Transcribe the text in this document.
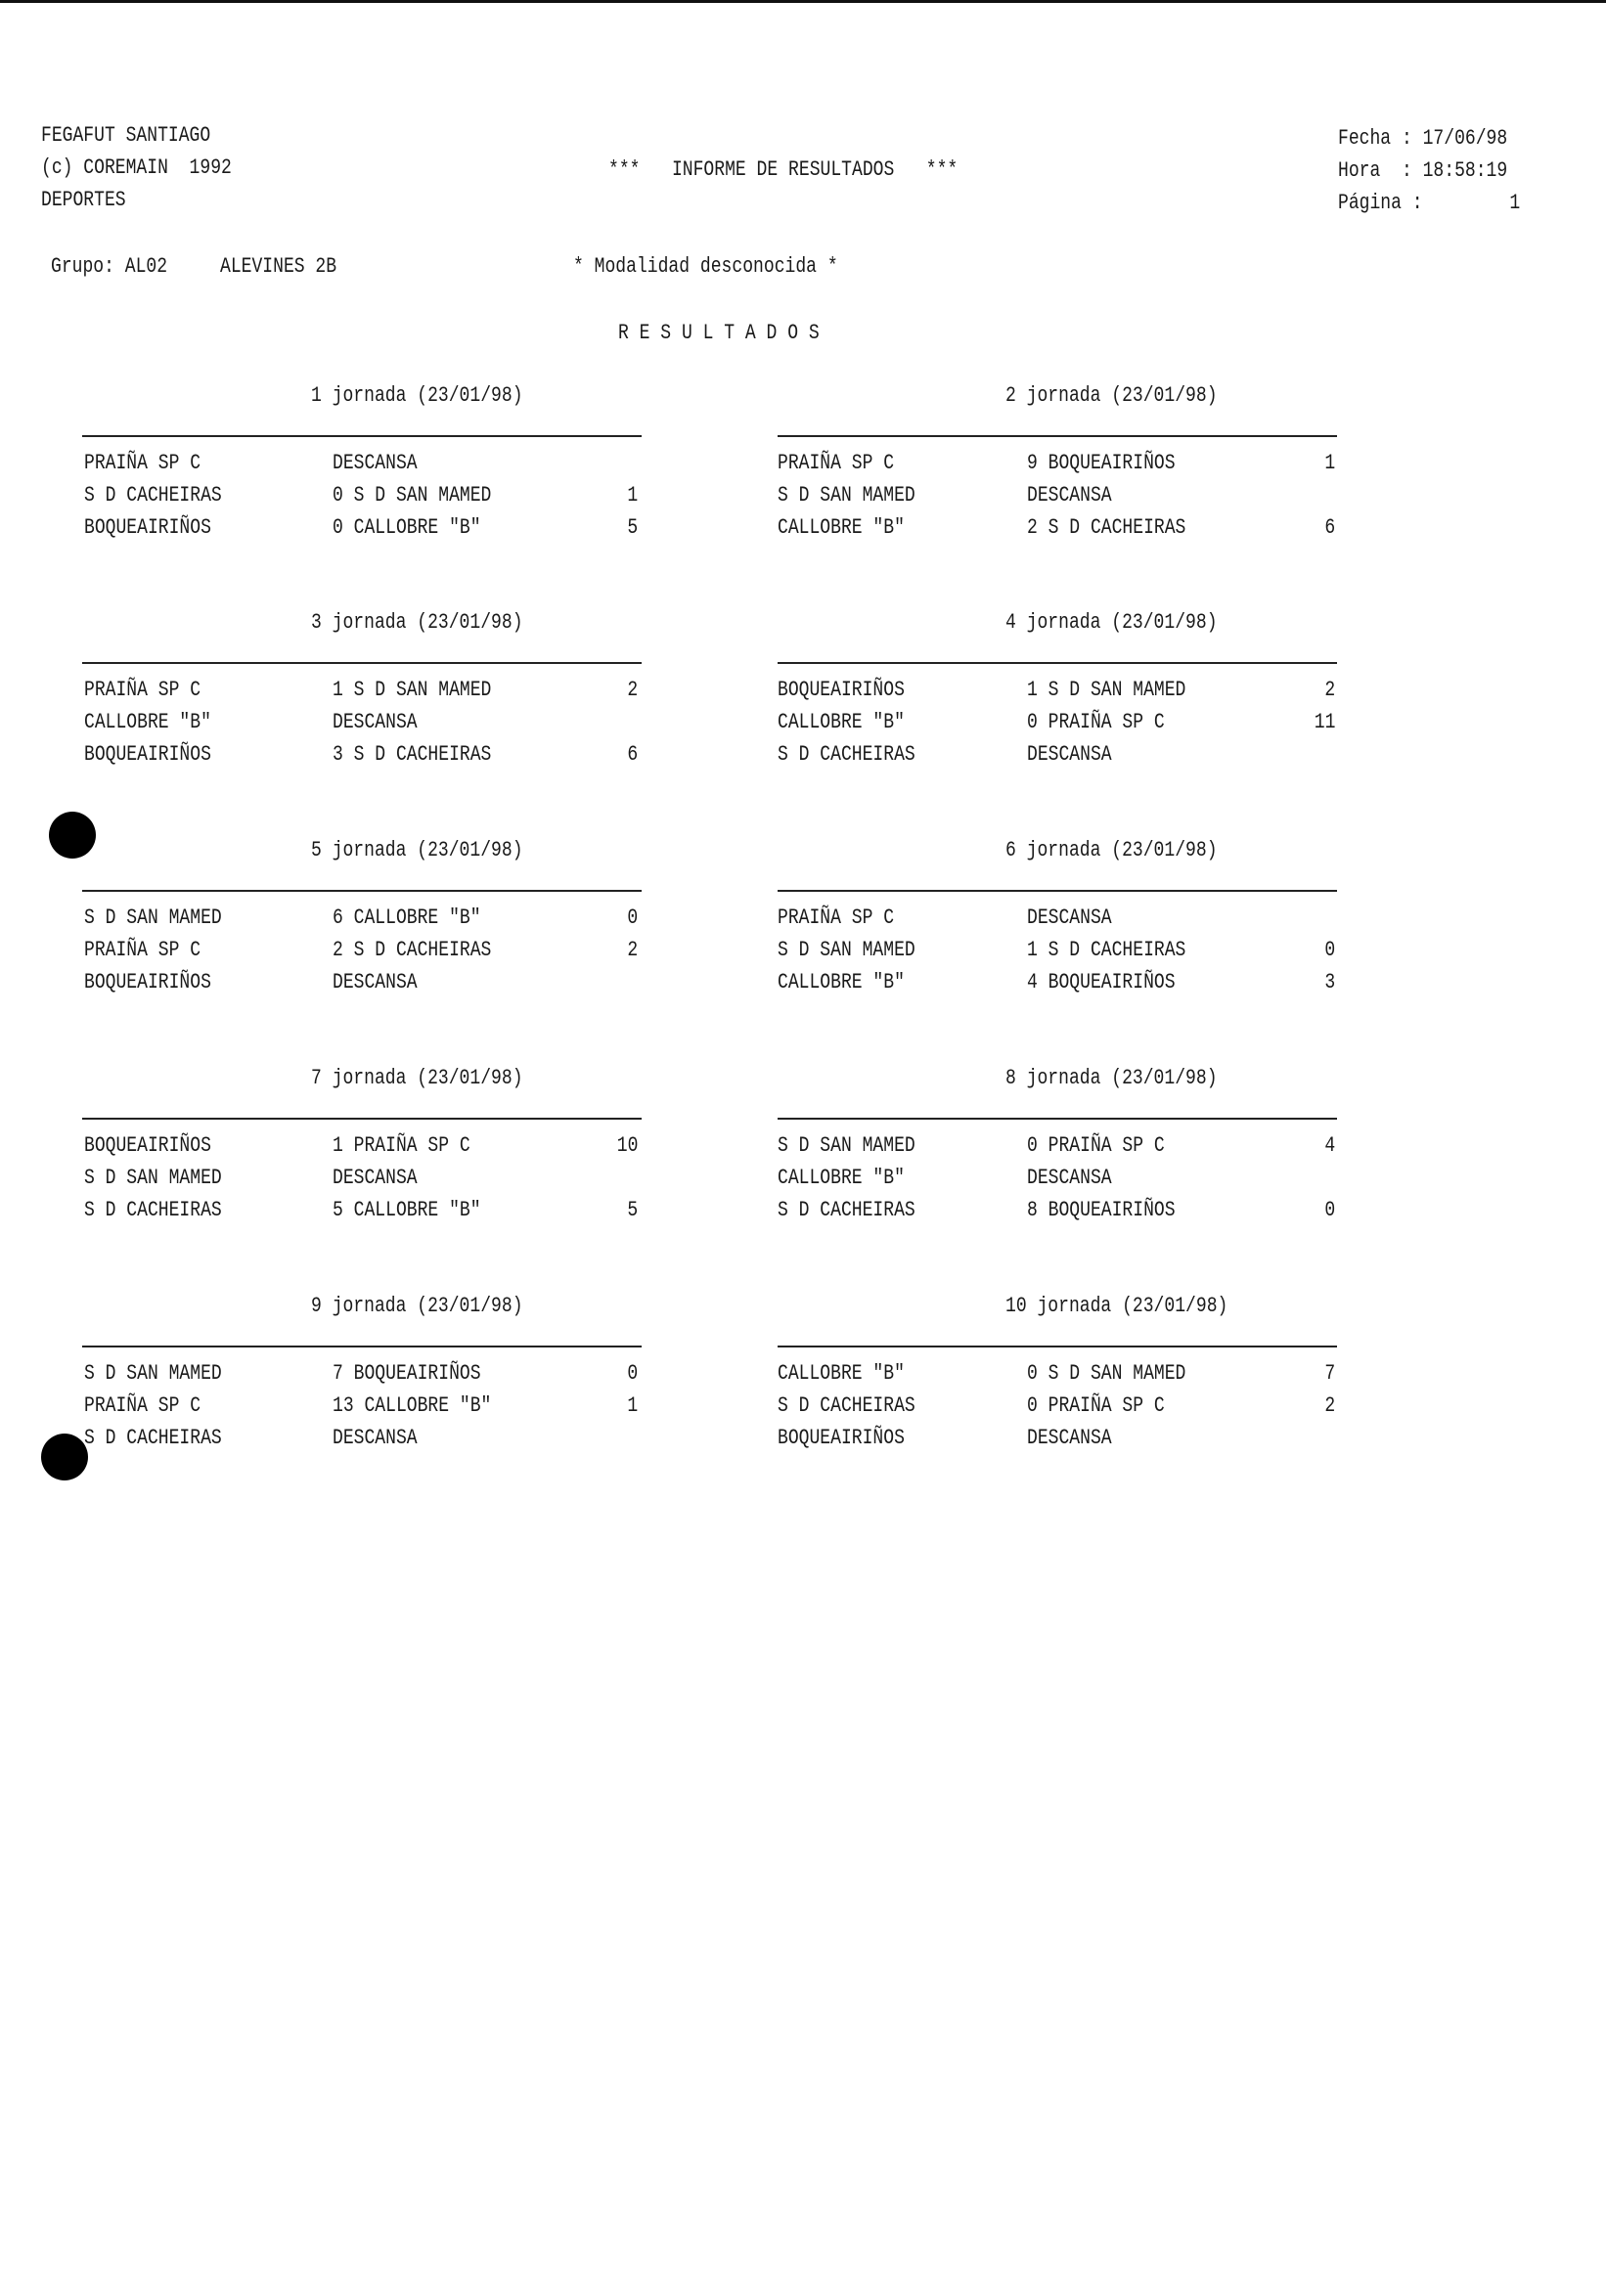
FEGAFUT SANTIAGO
(c) COREMAIN  1992
DEPORTES
***   INFORME DE RESULTADOS   ***
Fecha : 17/06/98
Hora  : 18:58:19
Página :	1
Grupo: AL02 ALEVINES 2B	* Modalidad desconocida *
R E S U L T A D O S
1 jornada (23/01/98)
PRAIÑA SP C	DESCANSA
S D CACHEIRAS	0 S D SAN MAMED	1
BOQUEAIRIÑOS	0 CALLOBRE "B"	5
2 jornada (23/01/98)
PRAIÑA SP C	9 BOQUEAIRIÑOS	1
S D SAN MAMED	DESCANSA
CALLOBRE "B"	2 S D CACHEIRAS	6
3 jornada (23/01/98)
PRAIÑA SP C	1 S D SAN MAMED	2
CALLOBRE "B"	DESCANSA
BOQUEAIRIÑOS	3 S D CACHEIRAS	6
4 jornada (23/01/98)
BOQUEAIRIÑOS	1 S D SAN MAMED	2
CALLOBRE "B"	0 PRAIÑA SP C	11
S D CACHEIRAS	DESCANSA
5 jornada (23/01/98)
S D SAN MAMED	6 CALLOBRE "B"	0
PRAIÑA SP C	2 S D CACHEIRAS	2
BOQUEAIRIÑOS	DESCANSA
6 jornada (23/01/98)
PRAIÑA SP C	DESCANSA
S D SAN MAMED	1 S D CACHEIRAS	0
CALLOBRE "B"	4 BOQUEAIRIÑOS	3
7 jornada (23/01/98)
BOQUEAIRIÑOS	1 PRAIÑA SP C	10
S D SAN MAMED	DESCANSA
S D CACHEIRAS	5 CALLOBRE "B"	5
8 jornada (23/01/98)
S D SAN MAMED	0 PRAIÑA SP C	4
CALLOBRE "B"	DESCANSA
S D CACHEIRAS	8 BOQUEAIRIÑOS	0
9 jornada (23/01/98)
S D SAN MAMED	7 BOQUEAIRIÑOS	0
PRAIÑA SP C	13 CALLOBRE "B"	1
S D CACHEIRAS	DESCANSA
10 jornada (23/01/98)
CALLOBRE "B"	0 S D SAN MAMED	7
S D CACHEIRAS	0 PRAIÑA SP C	2
BOQUEAIRIÑOS	DESCANSA
